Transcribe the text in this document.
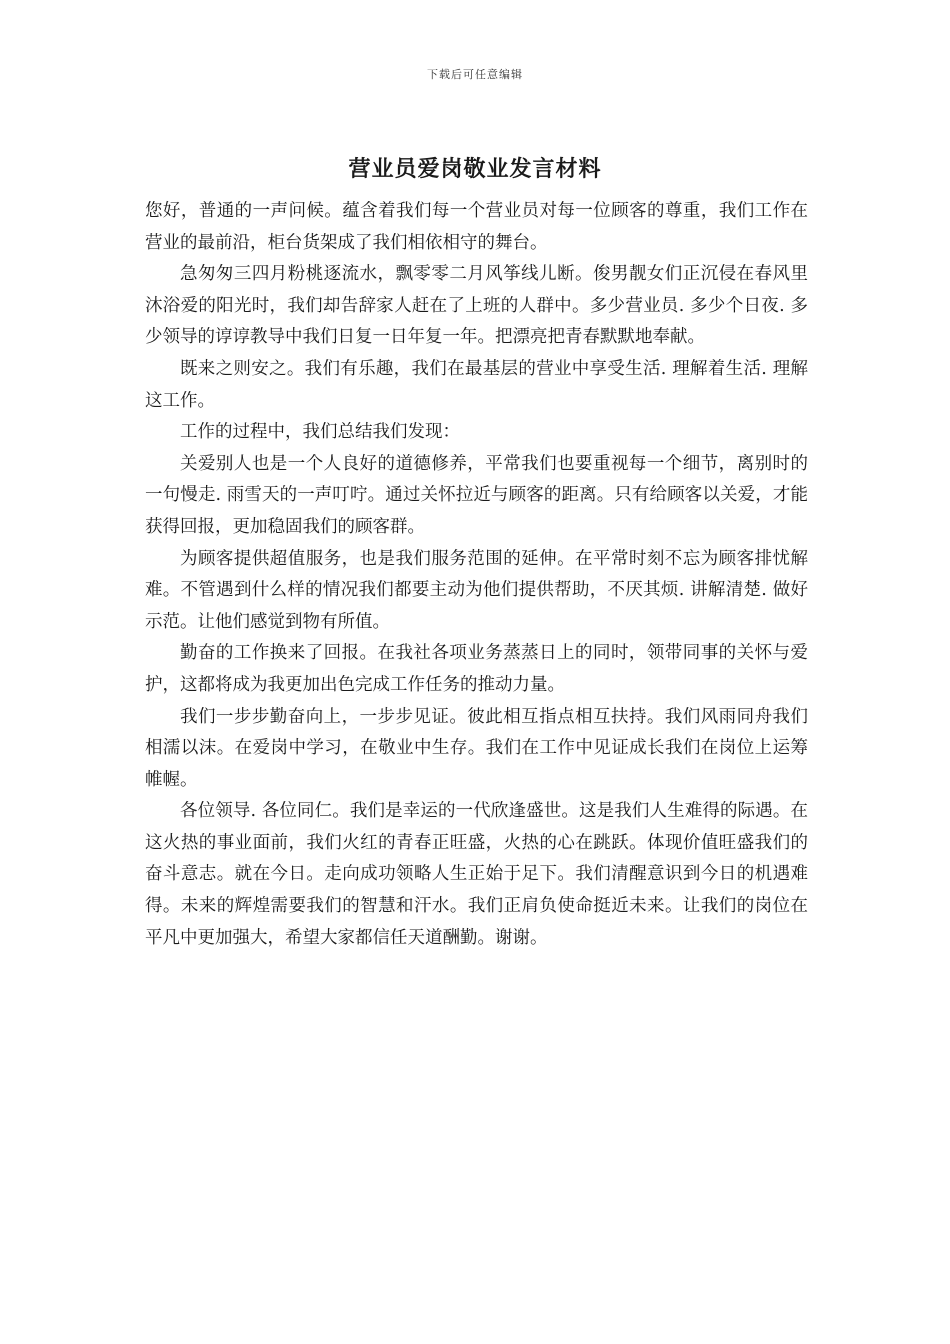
下载后可任意编辑
营业员爱岗敬业发言材料

您好，普通的一声问候。蕴含着我们每一个营业员对每一位顾客的尊重，我们工作在营业的最前沿，柜台货架成了我们相依相守的舞台。

急匆匆三四月粉桃逐流水，飘零零二月风筝线儿断。俊男靓女们正沉侵在春风里沐浴爱的阳光时，我们却告辞家人赶在了上班的人群中。多少营业员. 多少个日夜. 多少领导的谆谆教导中我们日复一日年复一年。把漂亮把青春默默地奉献。

既来之则安之。我们有乐趣，我们在最基层的营业中享受生活. 理解着生活. 理解这工作。

工作的过程中，我们总结我们发现：

关爱别人也是一个人良好的道德修养，平常我们也要重视每一个细节，离别时的一句慢走. 雨雪天的一声叮咛。通过关怀拉近与顾客的距离。只有给顾客以关爱，才能获得回报，更加稳固我们的顾客群。

为顾客提供超值服务，也是我们服务范围的延伸。在平常时刻不忘为顾客排忧解难。不管遇到什么样的情况我们都要主动为他们提供帮助，不厌其烦. 讲解清楚. 做好示范。让他们感觉到物有所值。

勤奋的工作换来了回报。在我社各项业务蒸蒸日上的同时，领带同事的关怀与爱护，这都将成为我更加出色完成工作任务的推动力量。

我们一步步勤奋向上，一步步见证。彼此相互指点相互扶持。我们风雨同舟我们相濡以沫。在爱岗中学习，在敬业中生存。我们在工作中见证成长我们在岗位上运筹帷幄。

各位领导. 各位同仁。我们是幸运的一代欣逢盛世。这是我们人生难得的际遇。在这火热的事业面前，我们火红的青春正旺盛，火热的心在跳跃。体现价值旺盛我们的奋斗意志。就在今日。走向成功领略人生正始于足下。我们清醒意识到今日的机遇难得。未来的辉煌需要我们的智慧和汗水。我们正肩负使命挺近未来。让我们的岗位在平凡中更加强大，希望大家都信任天道酬勤。谢谢。
